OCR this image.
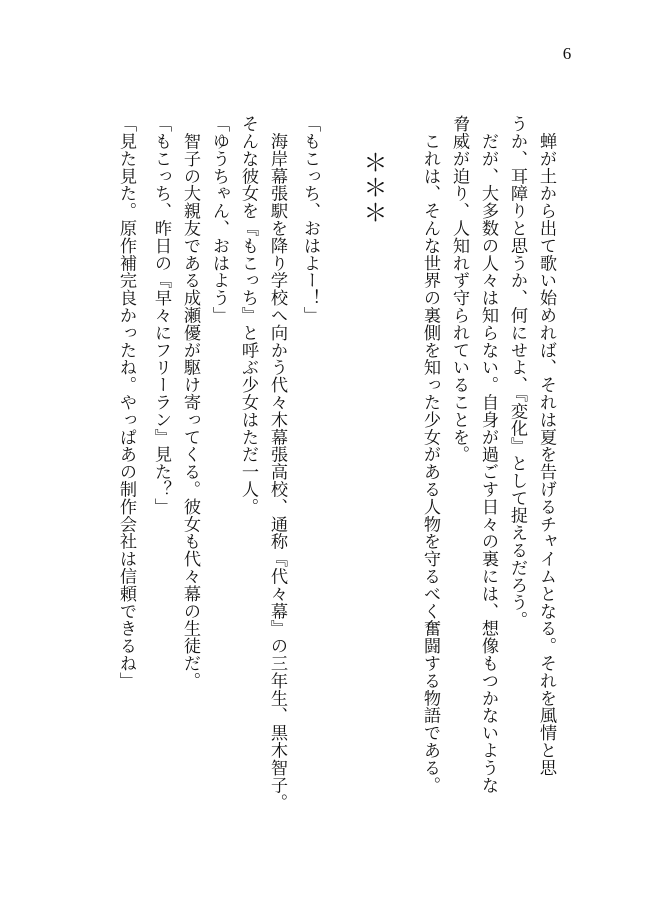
6
　蝉が土から出て歌い始めれば、それは夏を告げるチャイムとなる。それを風情と思
うか、耳障りと思うか、何にせよ、『変化』として捉えるだろう。
　だが、大多数の人々は知らない。自身が過ごす日々の裏には、想像もつかないような
脅威が迫り、人知れず守られていることを。
　これは、そんな世界の裏側を知った少女がある人物を守るべく奮闘する物語である。
＊＊＊
「もこっち、おはよー！」
　海岸幕張駅を降り学校へ向かう代々木幕張高校、通称『代々幕』の三年生、黒木智子。
そんな彼女を『もこっち』と呼ぶ少女はただ一人。
「ゆうちゃん、おはよう」
　智子の大親友である成瀬優が駆け寄ってくる。彼女も代々幕の生徒だ。
「もこっち、昨日の『早々にフリーラン』見た？」
「見た見た。原作補完良かったね。やっぱあの制作会社は信頼できるね」
